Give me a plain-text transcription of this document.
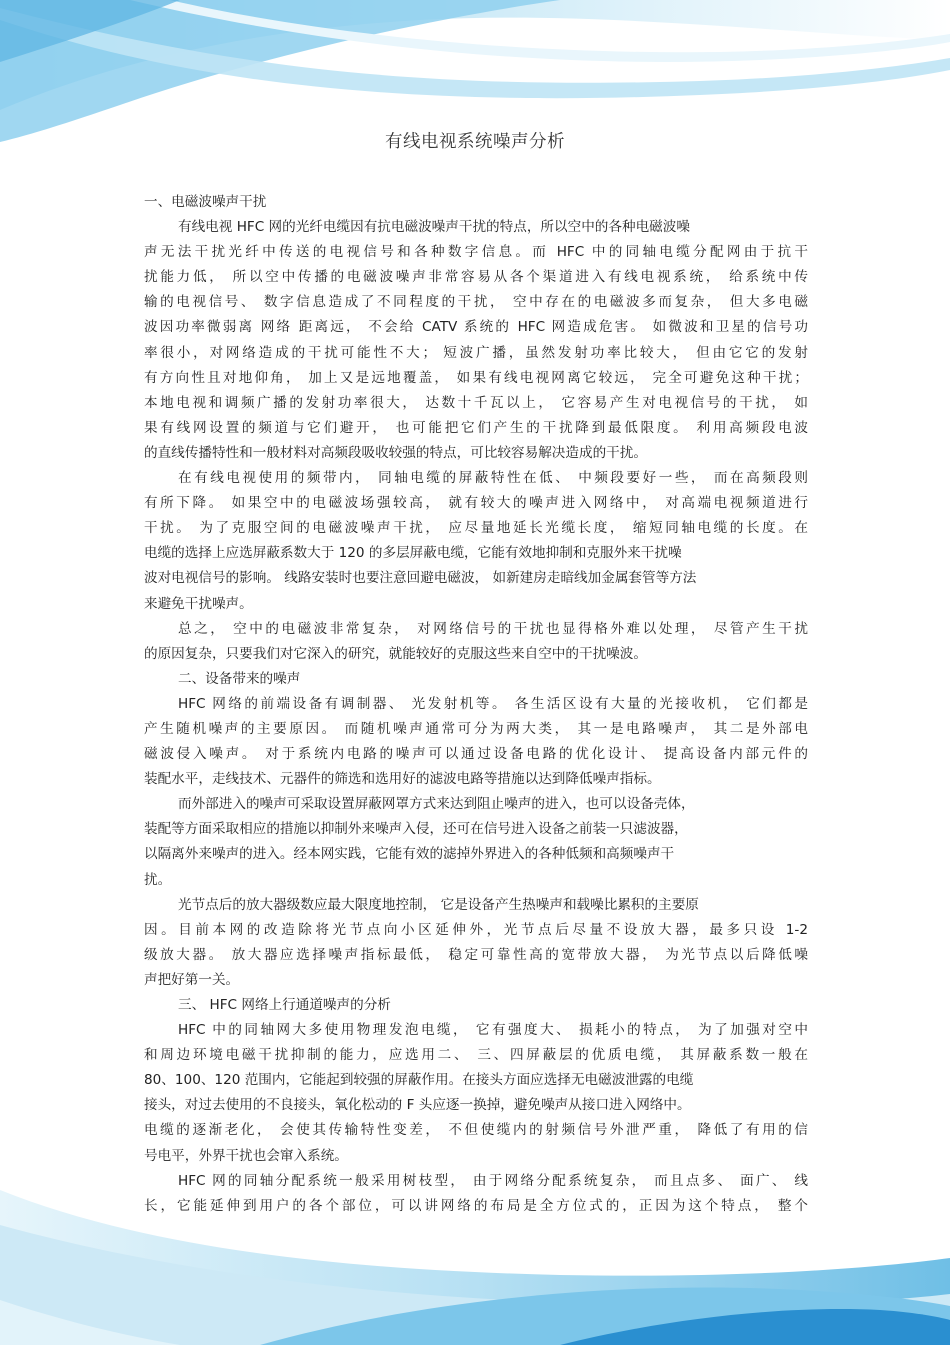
有线电视系统噪声分析
一、电磁波噪声干扰
有线电视 HFC 网的光纤电缆因有抗电磁波噪声干扰的特点，所以空中的各种电磁波噪
声无法干扰光纤中传送的电视信号和各种数字信息。而 HFC 中的同轴电缆分配网由于抗干
扰能力低， 所以空中传播的电磁波噪声非常容易从各个渠道进入有线电视系统， 给系统中传
输的电视信号、 数字信息造成了不同程度的干扰， 空中存在的电磁波多而复杂， 但大多电磁
波因功率微弱离 网络 距离远， 不会给 CATV 系统的 HFC 网造成危害。 如微波和卫星的信号功
率很小，对网络造成的干扰可能性不大； 短波广播，虽然发射功率比较大， 但由它它的发射
有方向性且对地仰角， 加上又是远地覆盖， 如果有线电视网离它较远， 完全可避免这种干扰；
本地电视和调频广播的发射功率很大， 达数十千瓦以上， 它容易产生对电视信号的干扰， 如
果有线网设置的频道与它们避开， 也可能把它们产生的干扰降到最低限度。 利用高频段电波
的直线传播特性和一般材料对高频段吸收较强的特点，可比较容易解决造成的干扰。
在有线电视使用的频带内， 同轴电缆的屏蔽特性在低、 中频段要好一些， 而在高频段则
有所下降。 如果空中的电磁波场强较高， 就有较大的噪声进入网络中， 对高端电视频道进行
干扰。 为了克服空间的电磁波噪声干扰， 应尽量地延长光缆长度， 缩短同轴电缆的长度。在
电缆的选择上应选屏蔽系数大于 120 的多层屏蔽电缆，它能有效地抑制和克服外来干扰噪
波对电视信号的影响。 线路安装时也要注意回避电磁波， 如新建房走暗线加金属套管等方法
来避免干扰噪声。
总之， 空中的电磁波非常复杂， 对网络信号的干扰也显得格外难以处理， 尽管产生干扰
的原因复杂，只要我们对它深入的研究，就能较好的克服这些来自空中的干扰噪波。
二、设备带来的噪声
HFC 网络的前端设备有调制器、 光发射机等。 各生活区设有大量的光接收机， 它们都是
产生随机噪声的主要原因。 而随机噪声通常可分为两大类， 其一是电路噪声， 其二是外部电
磁波侵入噪声。 对于系统内电路的噪声可以通过设备电路的优化设计、 提高设备内部元件的
装配水平，走线技术、元器件的筛选和选用好的滤波电路等措施以达到降低噪声指标。
而外部进入的噪声可采取设置屏蔽网罩方式来达到阻止噪声的进入，也可以设备壳体，
装配等方面采取相应的措施以抑制外来噪声入侵，还可在信号进入设备之前装一只滤波器，
以隔离外来噪声的进入。经本网实践，它能有效的滤掉外界进入的各种低频和高频噪声干
扰。
光节点后的放大器级数应最大限度地控制， 它是设备产生热噪声和载噪比累积的主要原
因。目前本网的改造除将光节点向小区延伸外，光节点后尽量不设放大器，最多只设 1-2
级放大器。 放大器应选择噪声指标最低， 稳定可靠性高的宽带放大器， 为光节点以后降低噪
声把好第一关。
三、 HFC 网络上行通道噪声的分析
HFC 中的同轴网大多使用物理发泡电缆， 它有强度大、 损耗小的特点， 为了加强对空中
和周边环境电磁干扰抑制的能力，应选用二、 三、四屏蔽层的优质电缆， 其屏蔽系数一般在
80、100、120 范围内，它能起到较强的屏蔽作用。在接头方面应选择无电磁波泄露的电缆
接头，对过去使用的不良接头，氧化松动的 F 头应逐一换掉，避免噪声从接口进入网络中。
电缆的逐渐老化， 会使其传输特性变差， 不但使缆内的射频信号外泄严重， 降低了有用的信
号电平，外界干扰也会窜入系统。
HFC 网的同轴分配系统一般采用树枝型， 由于网络分配系统复杂， 而且点多、 面广、 线
长，它能延伸到用户的各个部位，可以讲网络的布局是全方位式的，正因为这个特点， 整个
